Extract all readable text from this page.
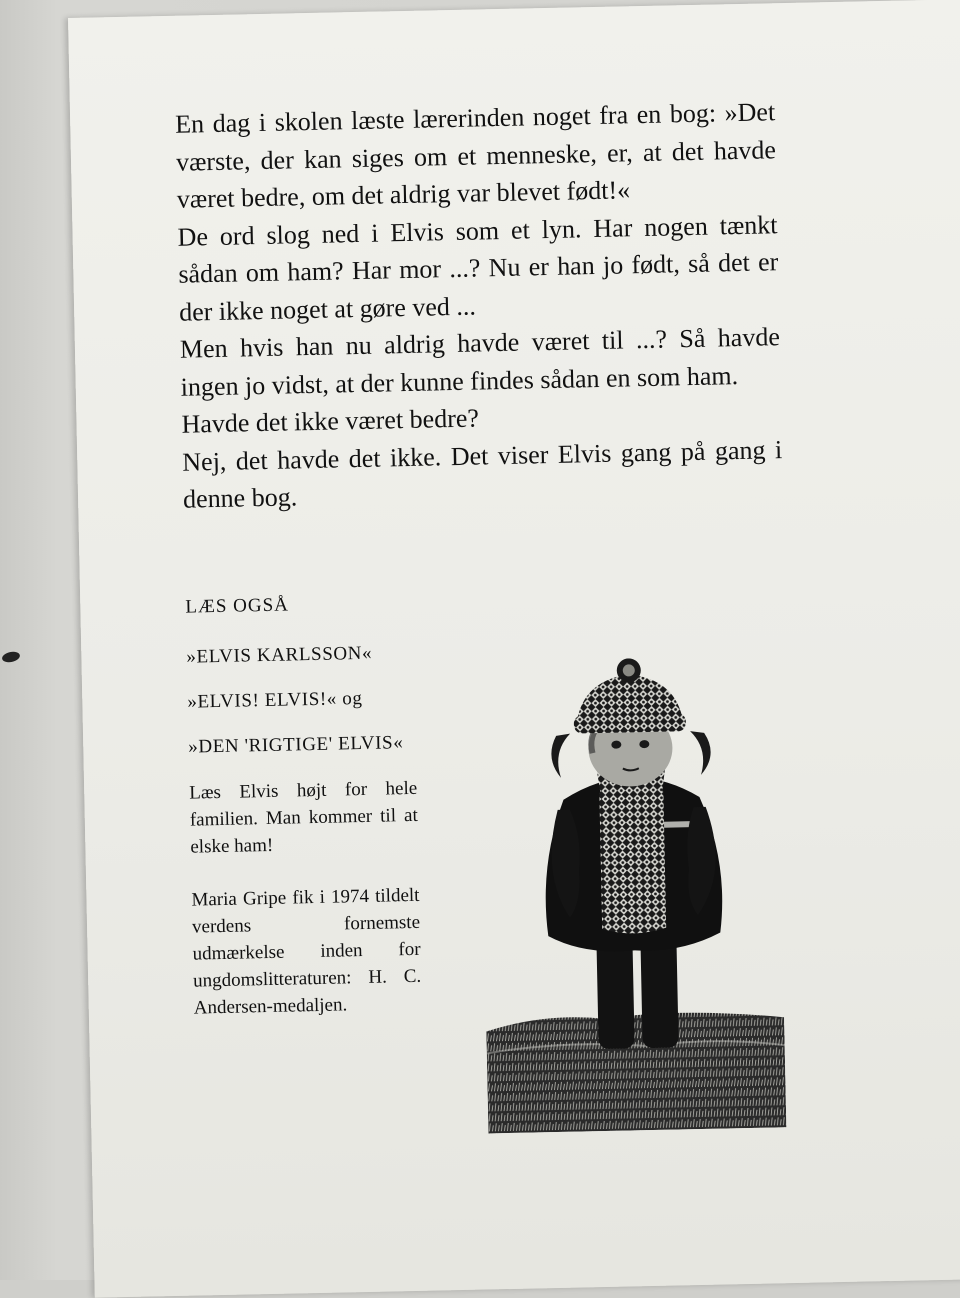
En dag i skolen læste lærerinden noget fra en bog: »Det værste, der kan siges om et menneske, er, at det havde været bedre, om det aldrig var blevet født!«

De ord slog ned i Elvis som et lyn. Har nogen tænkt sådan om ham? Har mor ...? Nu er han jo født, så det er der ikke noget at gøre ved ...

Men hvis han nu aldrig havde været til ...? Så havde ingen jo vidst, at der kunne findes sådan en som ham.

Havde det ikke været bedre?

Nej, det havde det ikke. Det viser Elvis gang på gang i denne bog.

LÆS OGSÅ
»ELVIS KARLSSON«
»ELVIS! ELVIS!« og
»DEN 'RIGTIGE' ELVIS«

Læs Elvis højt for hele familien. Man kommer til at elske ham!

Maria Gripe fik i 1974 tildelt verdens fornemste udmærkelse inden for ungdomslitteraturen: H. C. Andersen-medaljen.
